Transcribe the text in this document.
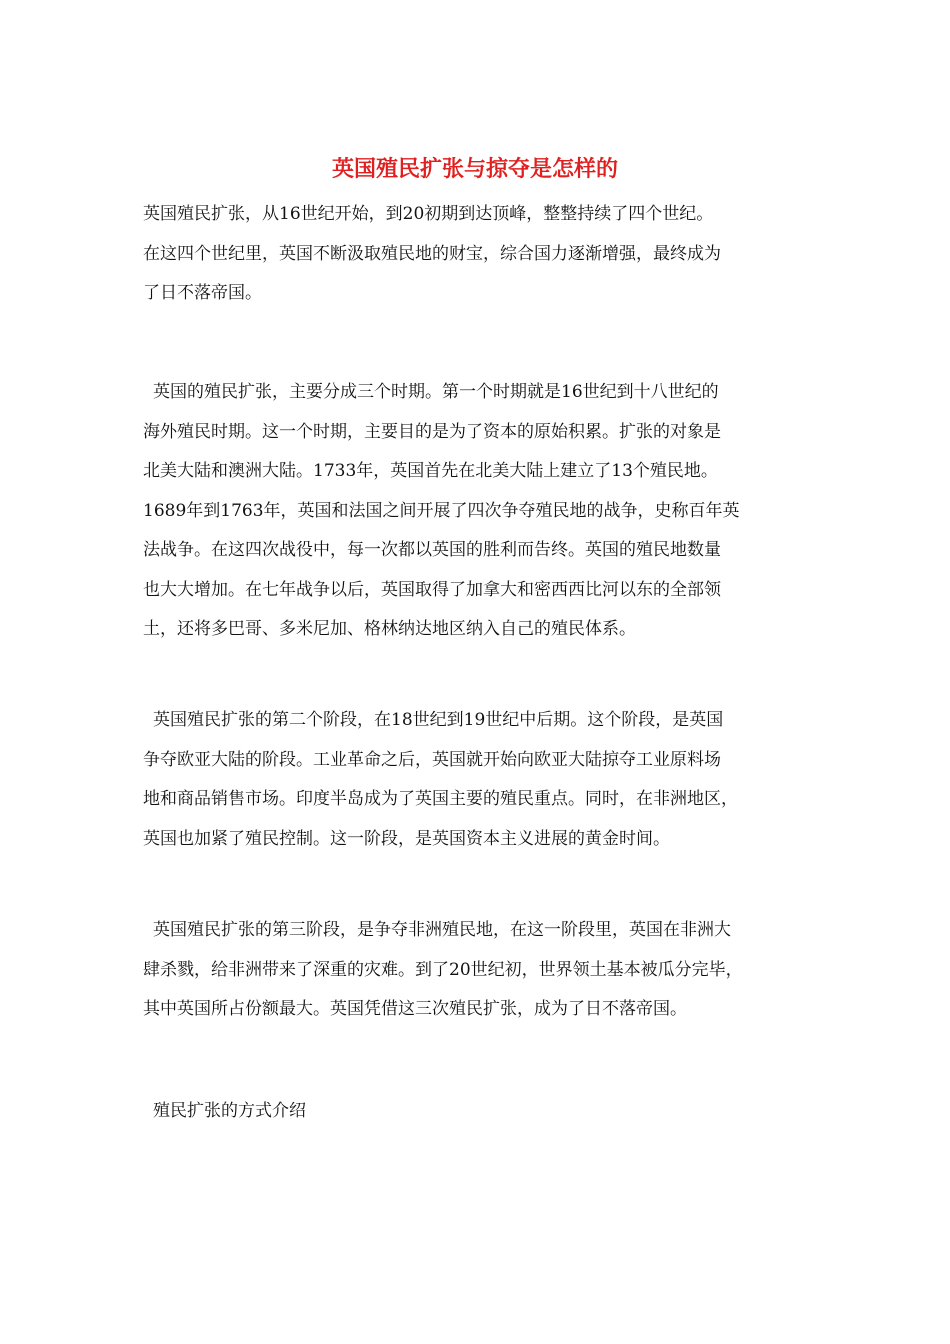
英国殖民扩张与掠夺是怎样的

英国殖民扩张，从16世纪开始，到20初期到达顶峰，整整持续了四个世纪。
在这四个世纪里，英国不断汲取殖民地的财宝，综合国力逐渐增强，最终成为
了日不落帝国。

英国的殖民扩张，主要分成三个时期。第一个时期就是16世纪到十八世纪的
海外殖民时期。这一个时期，主要目的是为了资本的原始积累。扩张的对象是
北美大陆和澳洲大陆。1733年，英国首先在北美大陆上建立了13个殖民地。
1689年到1763年，英国和法国之间开展了四次争夺殖民地的战争，史称百年英
法战争。在这四次战役中，每一次都以英国的胜利而告终。英国的殖民地数量
也大大增加。在七年战争以后，英国取得了加拿大和密西西比河以东的全部领
土，还将多巴哥、多米尼加、格林纳达地区纳入自己的殖民体系。

英国殖民扩张的第二个阶段，在18世纪到19世纪中后期。这个阶段，是英国
争夺欧亚大陆的阶段。工业革命之后，英国就开始向欧亚大陆掠夺工业原料场
地和商品销售市场。印度半岛成为了英国主要的殖民重点。同时，在非洲地区，
英国也加紧了殖民控制。这一阶段，是英国资本主义进展的黄金时间。

英国殖民扩张的第三阶段，是争夺非洲殖民地，在这一阶段里，英国在非洲大
肆杀戮，给非洲带来了深重的灾难。到了20世纪初，世界领土基本被瓜分完毕，
其中英国所占份额最大。英国凭借这三次殖民扩张，成为了日不落帝国。

殖民扩张的方式介绍
